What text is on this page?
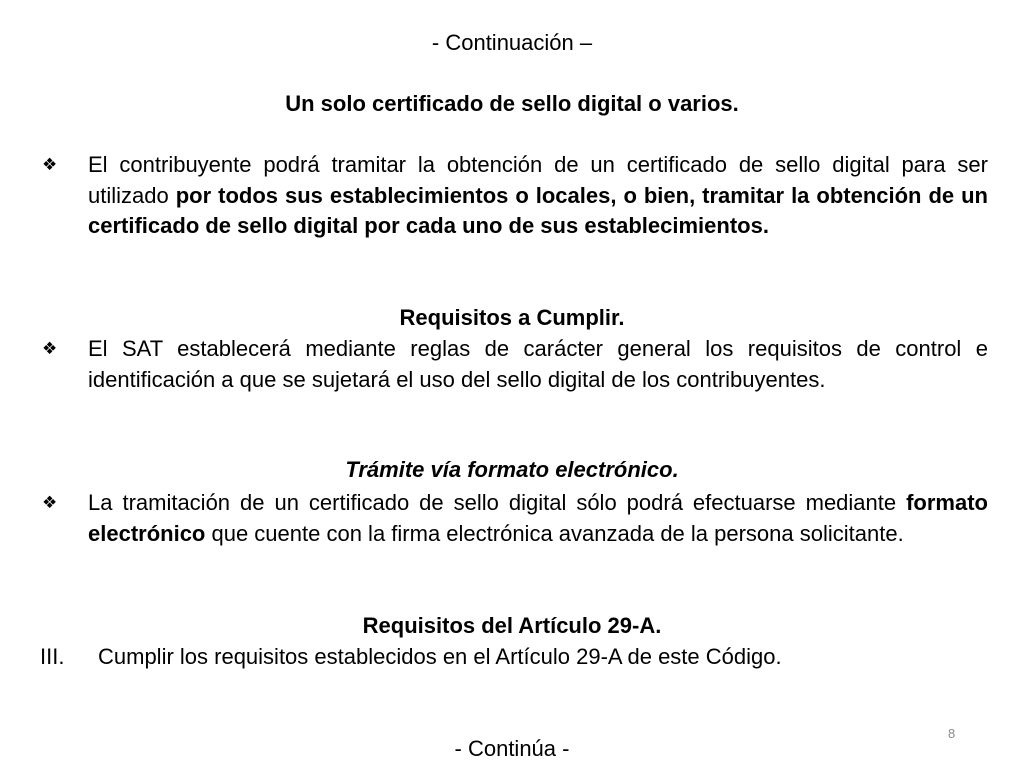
- Continuación –
Un solo certificado de sello digital o varios.
❖	El contribuyente podrá tramitar la obtención de un certificado de sello digital para ser utilizado por todos sus establecimientos o locales, o bien, tramitar la obtención de un certificado de sello digital por cada uno de sus establecimientos.
Requisitos a Cumplir.
❖	El SAT establecerá mediante reglas de carácter general los requisitos de control e identificación a que se sujetará el uso del sello digital de los contribuyentes.
Trámite vía formato electrónico.
❖	La tramitación de un certificado de sello digital sólo podrá efectuarse mediante formato electrónico que cuente con la firma electrónica avanzada de la persona solicitante.
Requisitos del Artículo 29-A.
III. Cumplir los requisitos establecidos en el Artículo 29-A de este Código.
8
- Continúa -
